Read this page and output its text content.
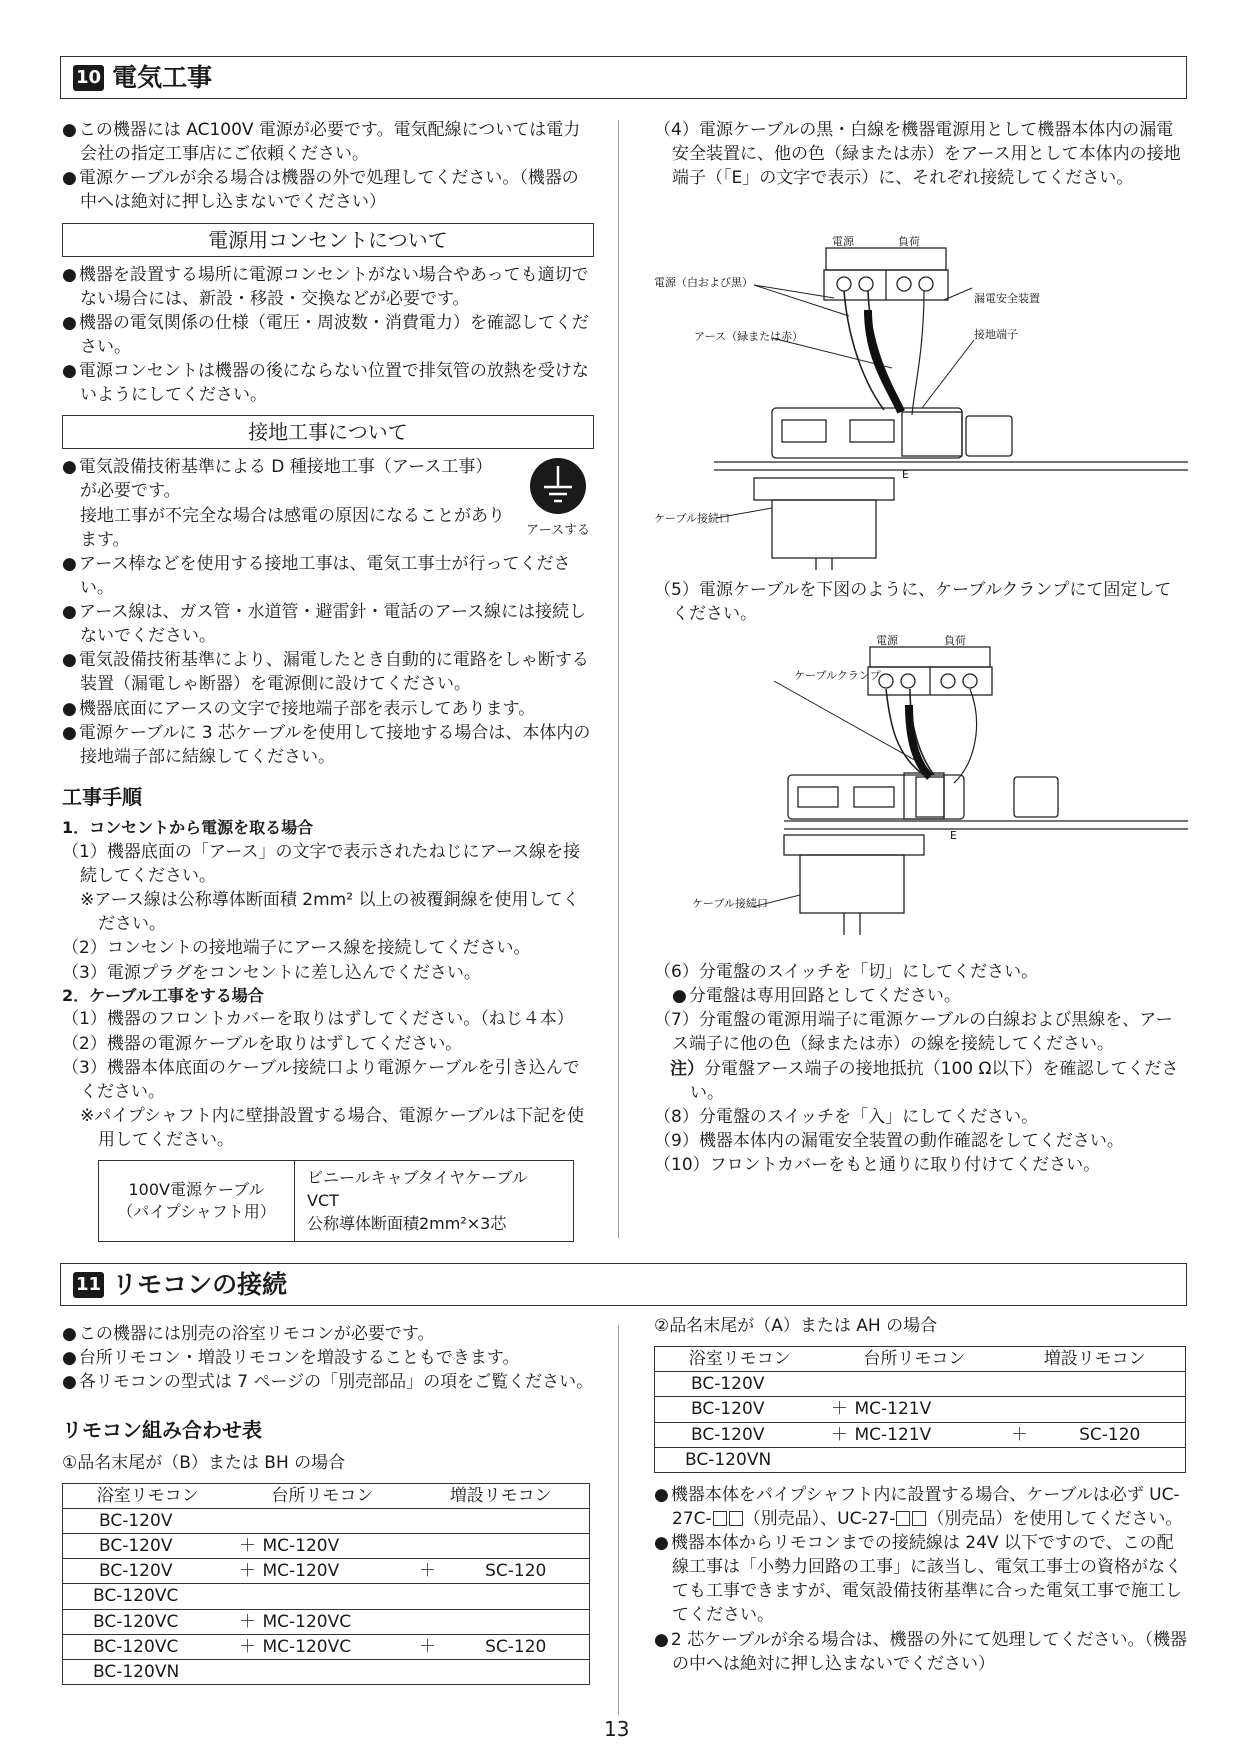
10 電気工事

● この機器には AC100V 電源が必要です。電気配線については電力会社の指定工事店にご依頼ください。

● 電源ケーブルが余る場合は機器の外で処理してください。（機器の中へは絶対に押し込まないでください）

電源用コンセントについて

● 機器を設置する場所に電源コンセントがない場合やあっても適切でない場合には、新設・移設・交換などが必要です。

● 機器の電気関係の仕様（電圧・周波数・消費電力）を確認してください。

● 電源コンセントは機器の後にならない位置で排気管の放熱を受けないようにしてください。

接地工事について

● 電気設備技術基準による D 種接地工事（アース工事）が必要です。

接地工事が不完全な場合は感電の原因になることがあります。	アースする

● アース棒などを使用する接地工事は、電気工事士が行ってください。

● アース線は、ガス管・水道管・避雷針・電話のアース線には接続しないでください。

● 電気設備技術基準により、漏電したとき自動的に電路をしゃ断する装置（漏電しゃ断器）を電源側に設けてください。

● 機器底面にアースの文字で接地端子部を表示してあります。

● 電源ケーブルに 3 芯ケーブルを使用して接地する場合は、本体内の接地端子部に結線してください。

工事手順

1．コンセントから電源を取る場合

（1）機器底面の「アース」の文字で表示されたねじにアース線を接続してください。

※アース線は公称導体断面積 2mm² 以上の被覆銅線を使用してください。

（2）コンセントの接地端子にアース線を接続してください。

（3）電源プラグをコンセントに差し込んでください。

2．ケーブル工事をする場合

（1）機器のフロントカバーを取りはずしてください。（ねじ４本）

（2）機器の電源ケーブルを取りはずしてください。

（3）機器本体底面のケーブル接続口より電源ケーブルを引き込んでください。

※パイプシャフト内に壁掛設置する場合、電源ケーブルは下記を使用してください。

100V電源ケーブル
（パイプシャフト用）

ビニールキャブタイヤケーブル
VCT
公称導体断面積2mm²×3芯

（4）電源ケーブルの黒・白線を機器電源用として機器本体内の漏電安全装置に、他の色（緑または赤）をアース用として本体内の接地端子（「E」の文字で表示）に、それぞれ接続してください。

電源	負荷
電源（白および黒）
アース（緑または赤）
漏電安全装置
接地端子
E
ケーブル接続口

（5）電源ケーブルを下図のように、ケーブルクランプにて固定してください。

電源	負荷
ケーブルクランプ
E
ケーブル接続口

（6）分電盤のスイッチを「切」にしてください。

● 分電盤は専用回路としてください。

（7）分電盤の電源用端子に電源ケーブルの白線および黒線を、アース端子に他の色（緑または赤）の線を接続してください。

注）分電盤アース端子の接地抵抗（100 Ω以下）を確認してください。

（8）分電盤のスイッチを「入」にしてください。

（9）機器本体内の漏電安全装置の動作確認をしてください。

（10）フロントカバーをもと通りに取り付けてください。

11 リモコンの接続

● この機器には別売の浴室リモコンが必要です。

● 台所リモコン・増設リモコンを増設することもできます。

● 各リモコンの型式は 7 ページの「別売部品」の項をご覧ください。

リモコン組み合わせ表

①品名末尾が（B）または BH の場合

浴室リモコン	台所リモコン		増設リモコン	
BC-120V				
BC-120V	＋	MC-120V		
BC-120V	＋	MC-120V	＋	SC-120
BC-120VC				
BC-120VC	＋	MC-120VC		
BC-120VC	＋	MC-120VC	＋	SC-120
BC-120VN				

②品名末尾が（A）または AH の場合

浴室リモコン	台所リモコン		増設リモコン	
BC-120V				
BC-120V	＋	MC-121V		
BC-120V	＋	MC-121V	＋	SC-120
BC-120VN				

● 機器本体をパイプシャフト内に設置する場合、ケーブルは必ず UC-27C- （別売品）、UC-27- （別売品）を使用してください。

● 機器本体からリモコンまでの接続線は 24V 以下ですので、この配線工事は「小勢力回路の工事」に該当し、電気工事士の資格がなくても工事できますが、電気設備技術基準に合った電気工事で施工してください。

● 2 芯ケーブルが余る場合は、機器の外にて処理してください。（機器の中へは絶対に押し込まないでください）

13
